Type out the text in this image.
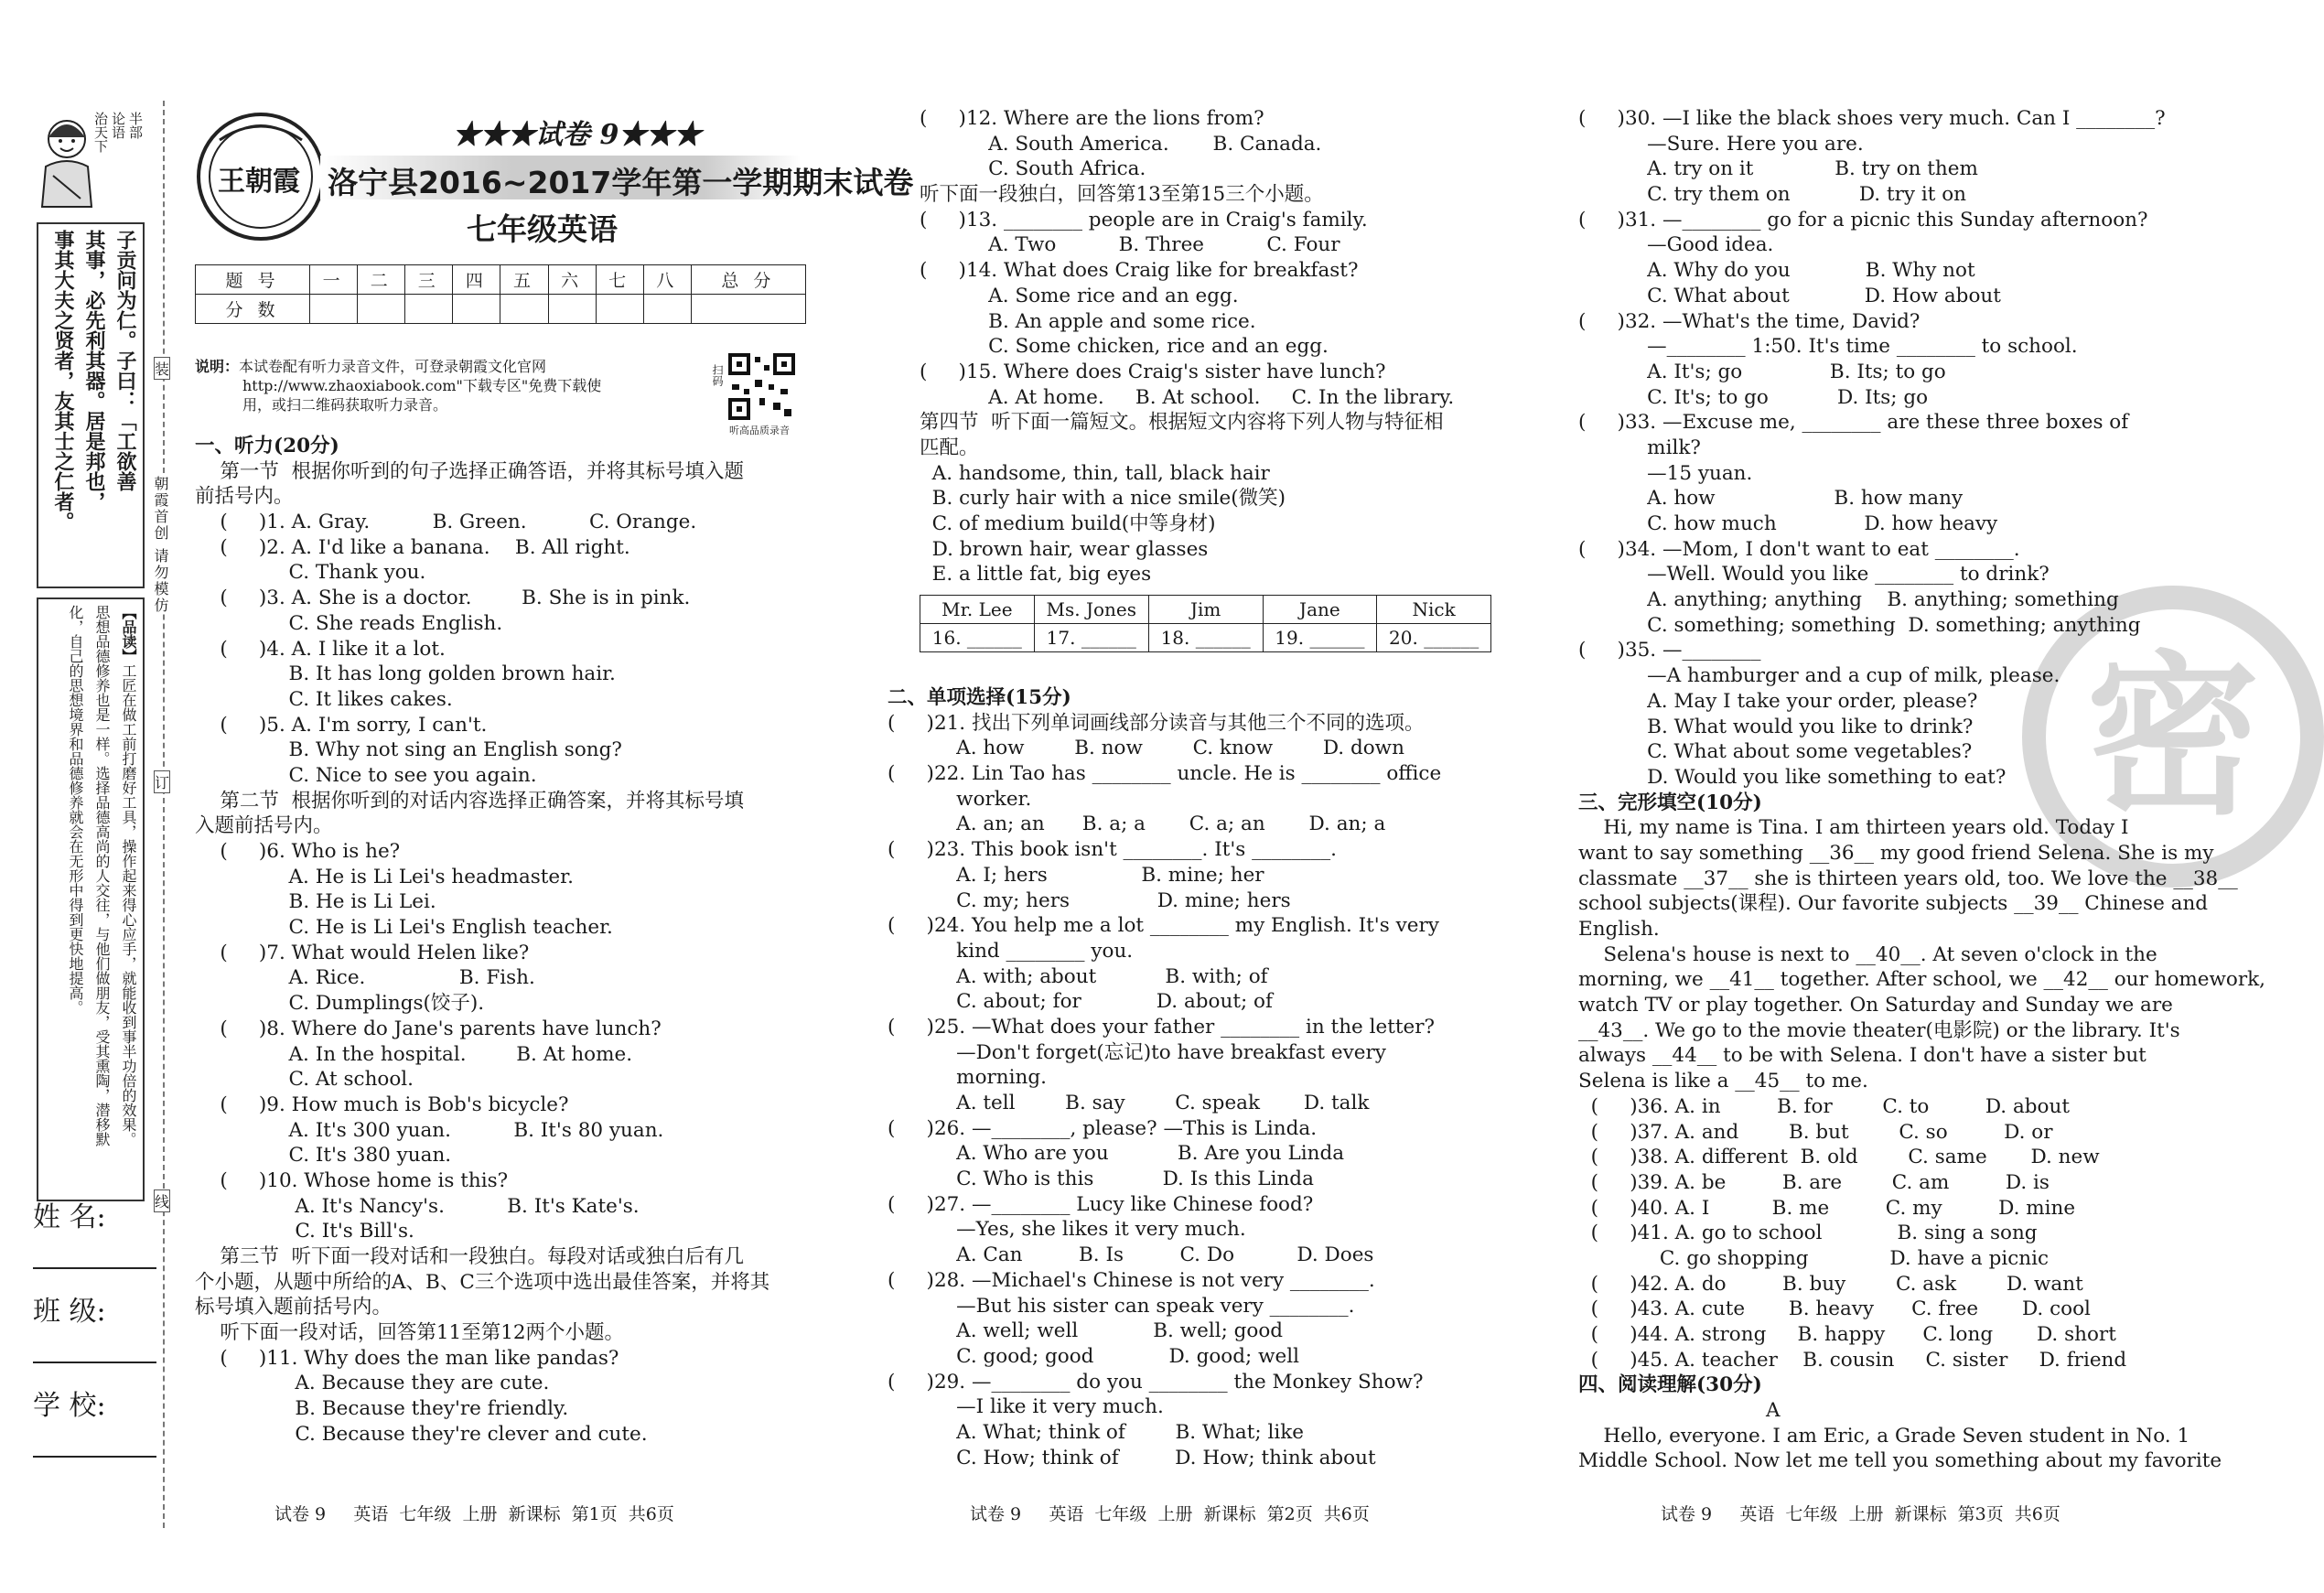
半部
论语
治天下
子贡问为仁。子曰：「工欲善
其事，必先利其器。居是邦也，
事其大夫之贤者，友其士之仁者。
【品读】工匠在做工前打磨好工具，操作起来得心应手，就能收到事半功倍的效果。
思想品德修养也是一样。选择品德高尚的人交往，与他们做朋友，受其熏陶，潜移默
化，自己的思想境界和品德修养就会在无形中得到更快地提高。
朝霞首创 请勿模仿
装
订
线
姓 名:
班 级:
学 校:
王朝霞
★★★试卷 9★★★
洛宁县2016~2017学年第一学期期末试卷
七年级英语
题 号	一	二	三	四	五	六	七	八	总 分
分 数									
说明：本试卷配有听力录音文件，可登录朝霞文化官网
http://www.zhaoxiabook.com"下载专区"免费下载使
用，或扫二维码获取听力录音。
扫码
听高品质录音
一、听力(20分)
第一节  根据你听到的句子选择正确答语，并将其标号填入题
前括号内。
(     )1. A. Gray.          B. Green.          C. Orange.
(     )2. A. I'd like a banana.    B. All right.
C. Thank you.
(     )3. A. She is a doctor.        B. She is in pink.
C. She reads English.
(     )4. A. I like it a lot.
B. It has long golden brown hair.
C. It likes cakes.
(     )5. A. I'm sorry, I can't.
B. Why not sing an English song?
C. Nice to see you again.
第二节  根据你听到的对话内容选择正确答案，并将其标号填
入题前括号内。
(     )6. Who is he?
A. He is Li Lei's headmaster.
B. He is Li Lei.
C. He is Li Lei's English teacher.
(     )7. What would Helen like?
A. Rice.               B. Fish.
C. Dumplings(饺子).
(     )8. Where do Jane's parents have lunch?
A. In the hospital.        B. At home.
C. At school.
(     )9. How much is Bob's bicycle?
A. It's 300 yuan.          B. It's 80 yuan.
C. It's 380 yuan.
(     )10. Whose home is this?
A. It's Nancy's.          B. It's Kate's.
C. It's Bill's.
第三节  听下面一段对话和一段独白。每段对话或独白后有几
个小题，从题中所给的A、B、C三个选项中选出最佳答案，并将其
标号填入题前括号内。
听下面一段对话，回答第11至第12两个小题。
(     )11. Why does the man like pandas?
A. Because they are cute.
B. Because they're friendly.
C. Because they're clever and cute.
(     )12. Where are the lions from?
A. South America.       B. Canada.
C. South Africa.
听下面一段独白，回答第13至第15三个小题。
(     )13. ________ people are in Craig's family.
A. Two          B. Three          C. Four
(     )14. What does Craig like for breakfast?
A. Some rice and an egg.
B. An apple and some rice.
C. Some chicken, rice and an egg.
(     )15. Where does Craig's sister have lunch?
A. At home.     B. At school.     C. In the library.
第四节  听下面一篇短文。根据短文内容将下列人物与特征相
匹配。
A. handsome, thin, tall, black hair
B. curly hair with a nice smile(微笑)
C. of medium build(中等身材)
D. brown hair, wear glasses
E. a little fat, big eyes
Mr. Lee	Ms. Jones	Jim	Jane	Nick
16. ______	17. ______	18. ______	19. ______	20. ______
二、单项选择(15分)
(     )21. 找出下列单词画线部分读音与其他三个不同的选项。
A. how        B. now        C. know        D. down
(     )22. Lin Tao has ________ uncle. He is ________ office
worker.
A. an; an      B. a; a       C. a; an       D. an; a
(     )23. This book isn't ________. It's ________.
A. I; hers               B. mine; her
C. my; hers              D. mine; hers
(     )24. You help me a lot ________ my English. It's very
kind ________ you.
A. with; about           B. with; of
C. about; for            D. about; of
(     )25. —What does your father ________ in the letter?
—Don't forget(忘记)to have breakfast every
morning.
A. tell        B. say        C. speak       D. talk
(     )26. —________, please? —This is Linda.
A. Who are you           B. Are you Linda
C. Who is this           D. Is this Linda
(     )27. —________ Lucy like Chinese food?
—Yes, she likes it very much.
A. Can         B. Is         C. Do          D. Does
(     )28. —Michael's Chinese is not very ________.
—But his sister can speak very ________.
A. well; well            B. well; good
C. good; good            D. good; well
(     )29. —________ do you ________ the Monkey Show?
—I like it very much.
A. What; think of        B. What; like
C. How; think of         D. How; think about
(     )30. —I like the black shoes very much. Can I ________?
—Sure. Here you are.
A. try on it             B. try on them
C. try them on           D. try it on
(     )31. —________ go for a picnic this Sunday afternoon?
—Good idea.
A. Why do you            B. Why not
C. What about            D. How about
(     )32. —What's the time, David?
—________ 1:50. It's time ________ to school.
A. It's; go              B. Its; to go
C. It's; to go           D. Its; go
(     )33. —Excuse me, ________ are these three boxes of
milk?
—15 yuan.
A. how                   B. how many
C. how much              D. how heavy
(     )34. —Mom, I don't want to eat ________.
—Well. Would you like ________ to drink?
A. anything; anything    B. anything; something
C. something; something  D. something; anything
(     )35. —________
—A hamburger and a cup of milk, please.
A. May I take your order, please?
B. What would you like to drink?
C. What about some vegetables?
D. Would you like something to eat?
三、完形填空(10分)
Hi, my name is Tina. I am thirteen years old. Today I
want to say something __36__ my good friend Selena. She is my
classmate __37__ she is thirteen years old, too. We love the __38__
school subjects(课程). Our favorite subjects __39__ Chinese and
English.
Selena's house is next to __40__. At seven o'clock in the
morning, we __41__ together. After school, we __42__ our homework,
watch TV or play together. On Saturday and Sunday we are
__43__. We go to the movie theater(电影院) or the library. It's
always __44__ to be with Selena. I don't have a sister but
Selena is like a __45__ to me.
(     )36. A. in         B. for        C. to         D. about
(     )37. A. and        B. but        C. so         D. or
(     )38. A. different  B. old        C. same       D. new
(     )39. A. be         B. are        C. am         D. is
(     )40. A. I          B. me         C. my         D. mine
(     )41. A. go to school            B. sing a song
C. go shopping             D. have a picnic
(     )42. A. do         B. buy        C. ask        D. want
(     )43. A. cute       B. heavy      C. free       D. cool
(     )44. A. strong     B. happy      C. long       D. short
(     )45. A. teacher    B. cousin     C. sister     D. friend
四、阅读理解(30分)
A
Hello, everyone. I am Eric, a Grade Seven student in No. 1
Middle School. Now let me tell you something about my favorite
密
试卷 9     英语  七年级  上册  新课标  第1页  共6页	试卷 9     英语  七年级  上册  新课标  第2页  共6页	试卷 9     英语  七年级  上册  新课标  第3页  共6页
